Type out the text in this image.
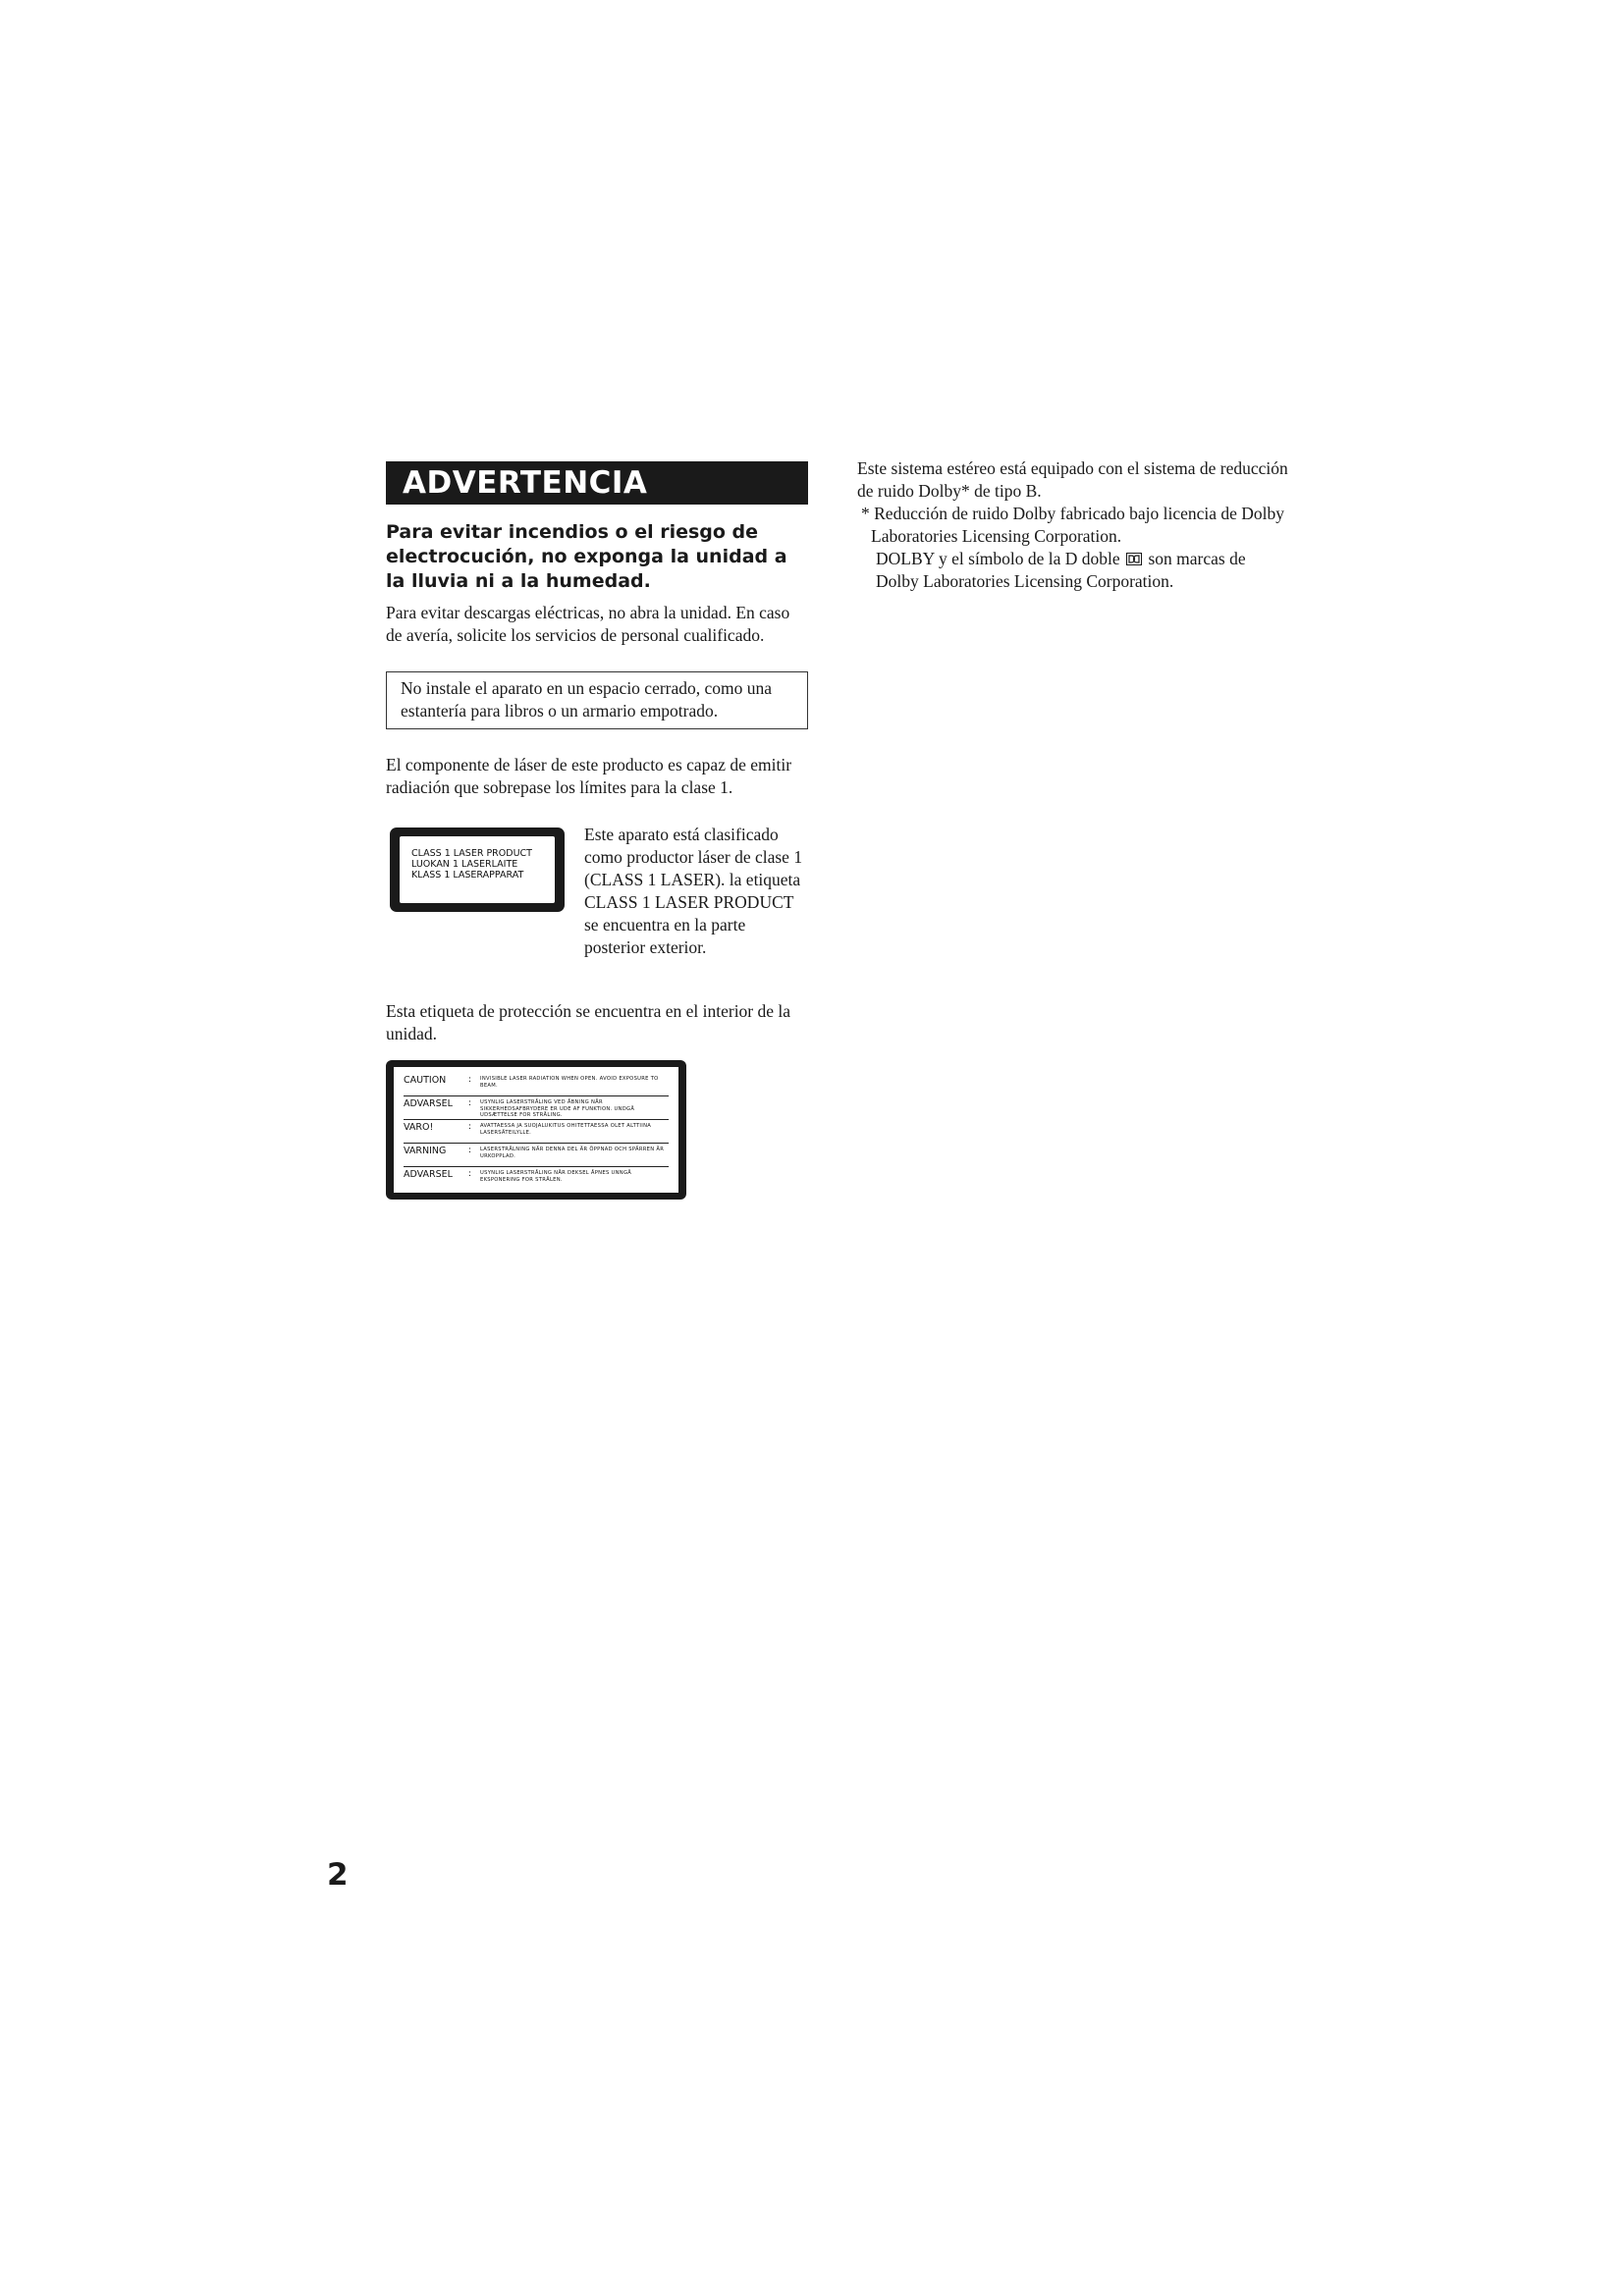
ADVERTENCIA
Para evitar incendios o el riesgo de electrocución, no exponga la unidad a la lluvia ni a la humedad.
Para evitar descargas eléctricas, no abra la unidad. En caso de avería, solicite los servicios de personal cualificado.
No instale el aparato en un espacio cerrado, como una estantería para libros o un armario empotrado.
El componente de láser de este producto es capaz de emitir radiación que sobrepase los límites para la clase 1.
CLASS 1 LASER PRODUCT
LUOKAN 1 LASERLAITE
KLASS 1 LASERAPPARAT
Este aparato está clasificado como productor láser de clase 1 (CLASS 1 LASER). la etiqueta CLASS 1 LASER PRODUCT se encuentra en la parte posterior exterior.
Esta etiqueta de protección se encuentra en el interior de la unidad.
CAUTION	:	INVISIBLE LASER RADIATION WHEN OPEN. AVOID EXPOSURE TO BEAM.
ADVARSEL	:	USYNLIG LASERSTRÅLING VED ÅBNING NÅR SIKKERHEDSAFBRYDERE ER UDE AF FUNKTION. UNDGÅ UDSÆTTELSE FOR STRÅLING.
VARO!	:	AVATTAESSA JA SUOJALUKITUS OHITETTAESSA OLET ALTTIINA LASERSÄTEILYLLE.
VARNING	:	LASERSTRÅLNING NÄR DENNA DEL ÄR ÖPPNAD OCH SPÄRREN ÄR URKOPPLAD.
ADVARSEL	:	USYNLIG LASERSTRÅLING NÅR DEKSEL ÅPNES UNNGÅ EKSPONERING FOR STRÅLEN.
Este sistema estéreo está equipado con el sistema de reducción de ruido Dolby* de tipo B.
* Reducción de ruido Dolby fabricado bajo licencia de Dolby Laboratories Licensing Corporation.
DOLBY y el símbolo de la D doble son marcas de Dolby Laboratories Licensing Corporation.
2
